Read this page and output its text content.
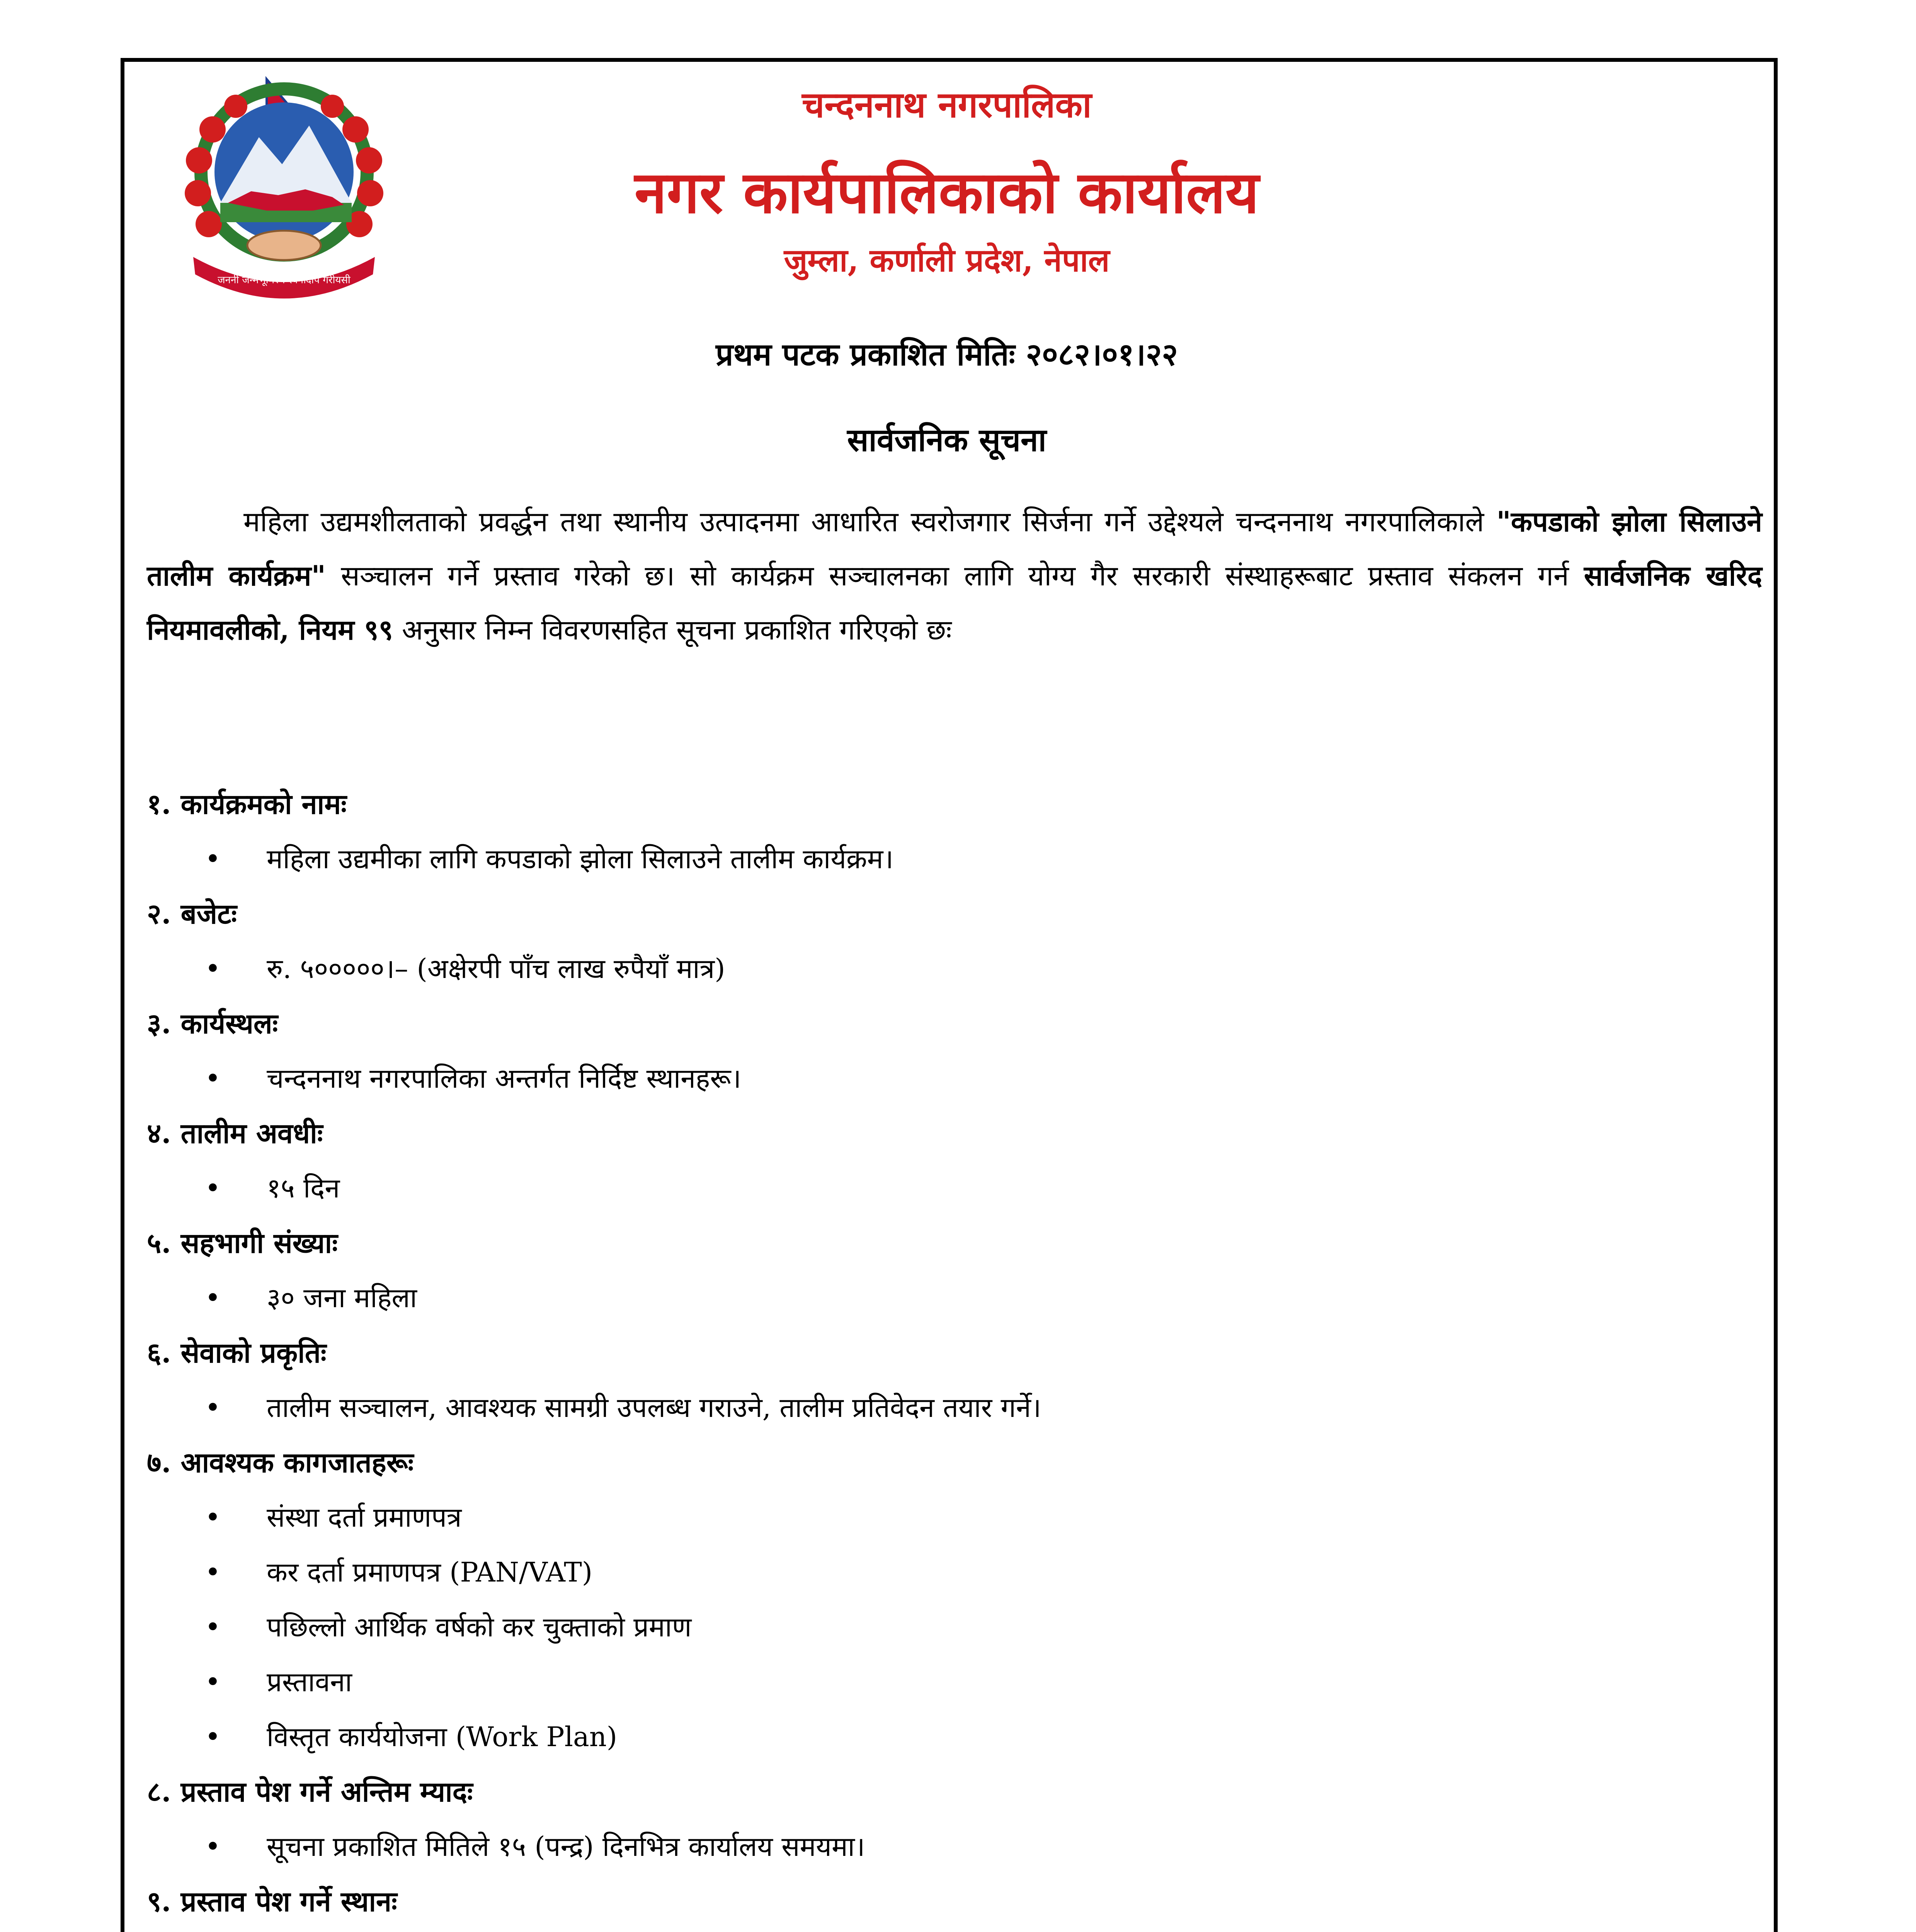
जननी जन्मभूमिश्च स्वर्गादपि गरीयसी
चन्दननाथ नगरपालिका
नगर कार्यपालिकाको कार्यालय
जुम्ला, कर्णाली प्रदेश, नेपाल
प्रथम पटक प्रकाशित मितिः २०८२।०१।२२
सार्वजनिक सूचना
महिला उद्यमशीलताको प्रवर्द्धन तथा स्थानीय उत्पादनमा आधारित स्वरोजगार सिर्जना गर्ने उद्देश्यले चन्दननाथ नगरपालिकाले "कपडाको झोला सिलाउने तालीम कार्यक्रम" सञ्चालन गर्ने प्रस्ताव गरेको छ। सो कार्यक्रम सञ्चालनका लागि योग्य गैर सरकारी संस्थाहरूबाट प्रस्ताव संकलन गर्न सार्वजनिक खरिद नियमावलीको, नियम ९९ अनुसार निम्न विवरणसहित सूचना प्रकाशित गरिएको छः
१. कार्यक्रमको नामः
• महिला उद्यमीका लागि कपडाको झोला सिलाउने तालीम कार्यक्रम।
२. बजेटः
• रु. ५०००००।– (अक्षेरपी पाँच लाख रुपैयाँ मात्र)
३. कार्यस्थलः
• चन्दननाथ नगरपालिका अन्तर्गत निर्दिष्ट स्थानहरू।
४. तालीम अवधीः
• १५ दिन
५. सहभागी संख्याः
• ३० जना महिला
६. सेवाको प्रकृतिः
• तालीम सञ्चालन, आवश्यक सामग्री उपलब्ध गराउने, तालीम प्रतिवेदन तयार गर्ने।
७. आवश्यक कागजातहरूः
• संस्था दर्ता प्रमाणपत्र
• कर दर्ता प्रमाणपत्र (PAN/VAT)
• पछिल्लो आर्थिक वर्षको कर चुक्ताको प्रमाण
• प्रस्तावना
• विस्तृत कार्ययोजना (Work Plan)
८. प्रस्ताव पेश गर्ने अन्तिम म्यादः
• सूचना प्रकाशित मितिले १५ (पन्द्र) दिनभित्र कार्यालय समयमा।
९. प्रस्ताव पेश गर्ने स्थानः
•
